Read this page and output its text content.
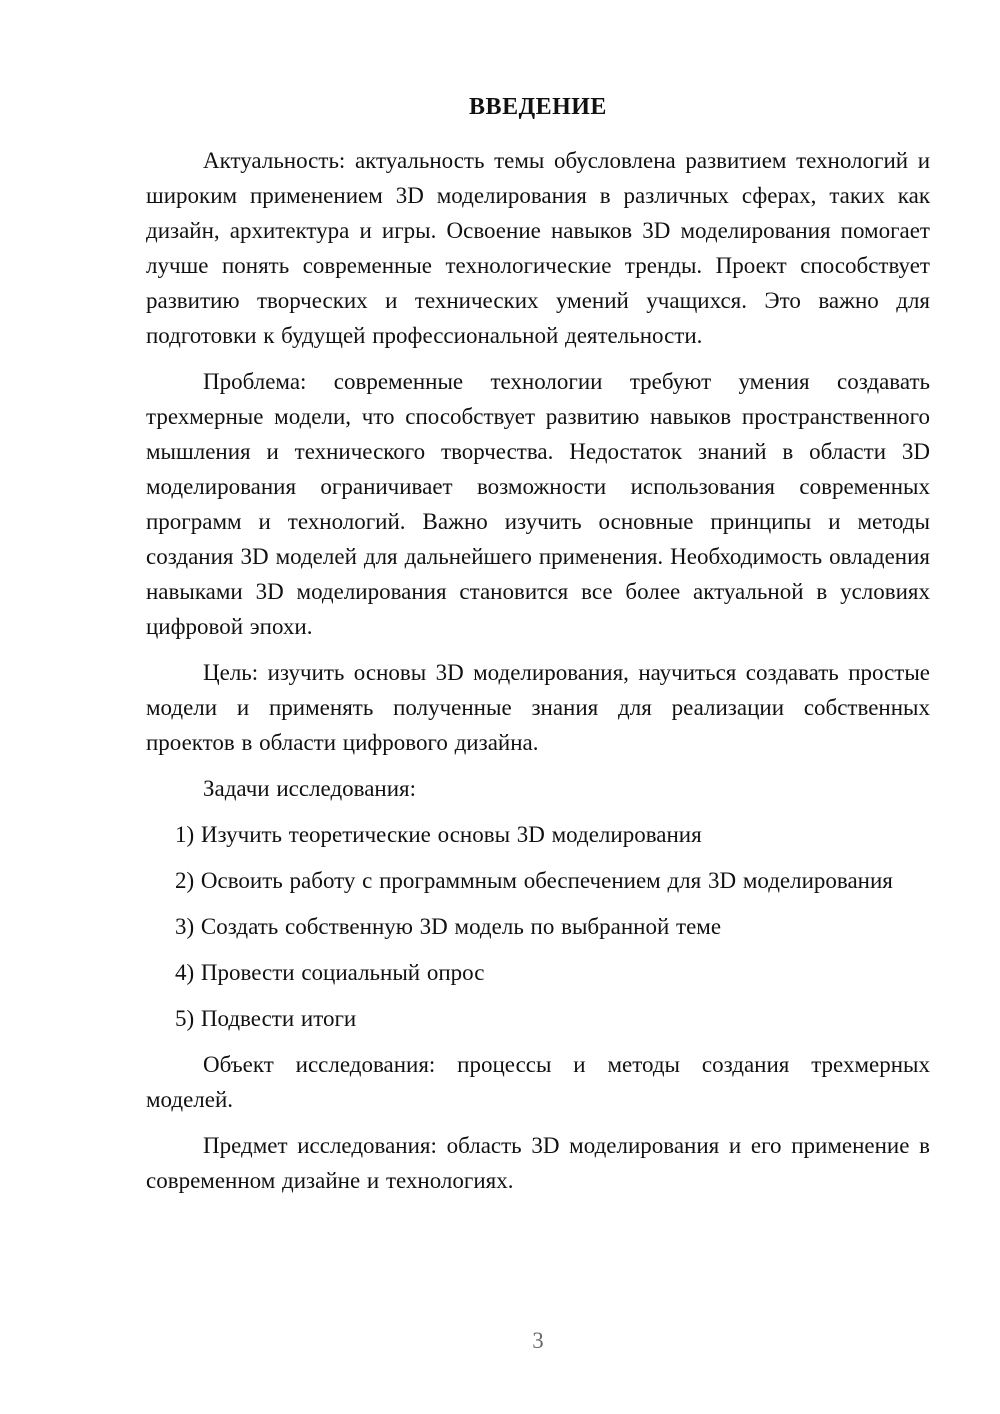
ВВЕДЕНИЕ

Актуальность: актуальность темы обусловлена развитием технологий и широким применением 3D моделирования в различных сферах, таких как дизайн, архитектура и игры. Освоение навыков 3D моделирования помогает лучше понять современные технологические тренды. Проект способствует развитию творческих и технических умений учащихся. Это важно для подготовки к будущей профессиональной деятельности.

Проблема: современные технологии требуют умения создавать трехмерные модели, что способствует развитию навыков пространственного мышления и технического творчества. Недостаток знаний в области 3D моделирования ограничивает возможности использования современных программ и технологий. Важно изучить основные принципы и методы создания 3D моделей для дальнейшего применения. Необходимость овладения навыками 3D моделирования становится все более актуальной в условиях цифровой эпохи.

Цель: изучить основы 3D моделирования, научиться создавать простые модели и применять полученные знания для реализации собственных проектов в области цифрового дизайна.

Задачи исследования:

1) Изучить теоретические основы 3D моделирования

2) Освоить работу с программным обеспечением для 3D моделирования

3) Создать собственную 3D модель по выбранной теме

4) Провести социальный опрос

5) Подвести итоги

Объект исследования: процессы и методы создания трехмерных моделей.

Предмет исследования: область 3D моделирования и его применение в современном дизайне и технологиях.

3
